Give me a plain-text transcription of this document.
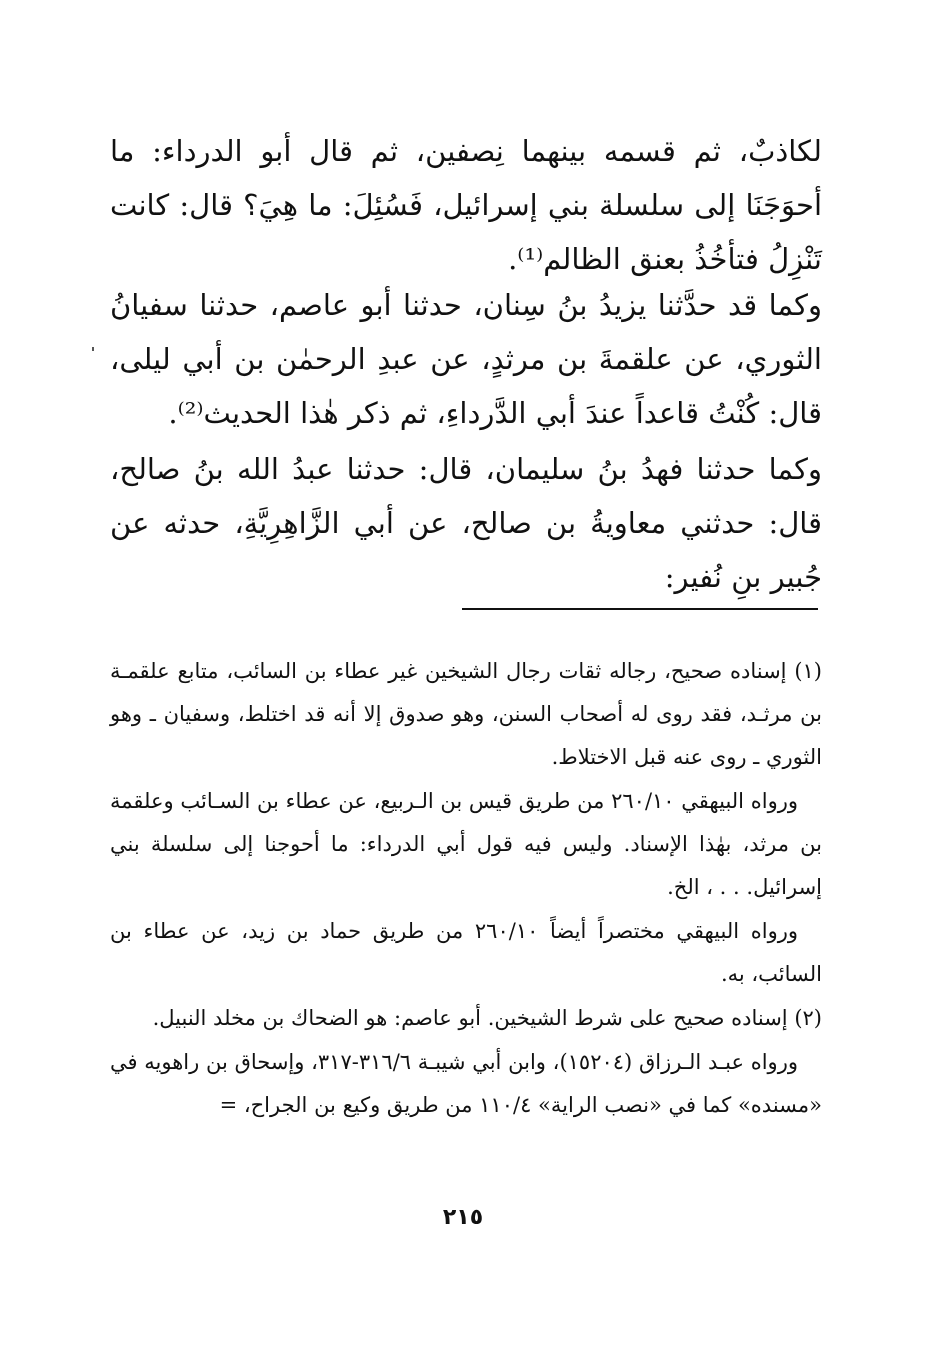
لكاذبٌ، ثم قسمه بينهما نِصفين، ثم قال أبو الدرداء: ما أحوَجَنَا إلى سلسلة بني إسرائيل، فَسُئِلَ: ما هِيَ؟ قال: كانت تَنْزِلُ فتأخُذُ بعنق الظالم⁽¹⁾.

وكما قد حدَّثنا يزيدُ بنُ سِنان، حدثنا أبو عاصم، حدثنا سفيانُ الثوري، عن علقمةَ بن مرثدٍ، عن عبدِ الرحمٰن بن أبي ليلى، قال: كُنْتُ قاعداً عندَ أبي الدَّرداءِ، ثم ذكر هٰذا الحديث⁽²⁾.

وكما حدثنا فهدُ بنُ سليمان، قال: حدثنا عبدُ الله بنُ صالح، قال: حدثني معاويةُ بن صالح، عن أبي الزَّاهِرِيَّةِ، حدثه عن جُبير بنِ نُفير:

(١) إسناده صحيح، رجاله ثقات رجال الشيخين غير عطاء بن السائب، متابع علقمـة بن مرثـد، فقد روى له أصحاب السنن، وهو صدوق إلا أنه قد اختلط، وسفيان ـ وهو الثوري ـ روى عنه قبل الاختلاط.

ورواه البيهقي ٢٦٠/١٠ من طريق قيس بن الـربيع، عن عطاء بن السـائب وعلقمة بن مرثد، بهٰذا الإسناد. وليس فيه قول أبي الدرداء: ما أحوجنا إلى سلسلة بني إسرائيل. . . ، الخ.

ورواه البيهقي مختصراً أيضاً ٢٦٠/١٠ من طريق حماد بن زيد، عن عطاء بن السائب، به.

(٢) إسناده صحيح على شرط الشيخين. أبو عاصم: هو الضحاك بن مخلد النبيل.

ورواه عبـد الـرزاق (١٥٢٠٤)، وابن أبي شيبـة ٣١٦/٦-٣١٧، وإسحاق بن راهويه في «مسنده» كما في «نصب الراية» ١١٠/٤ من طريق وكيع بن الجراح، =

٢١٥
